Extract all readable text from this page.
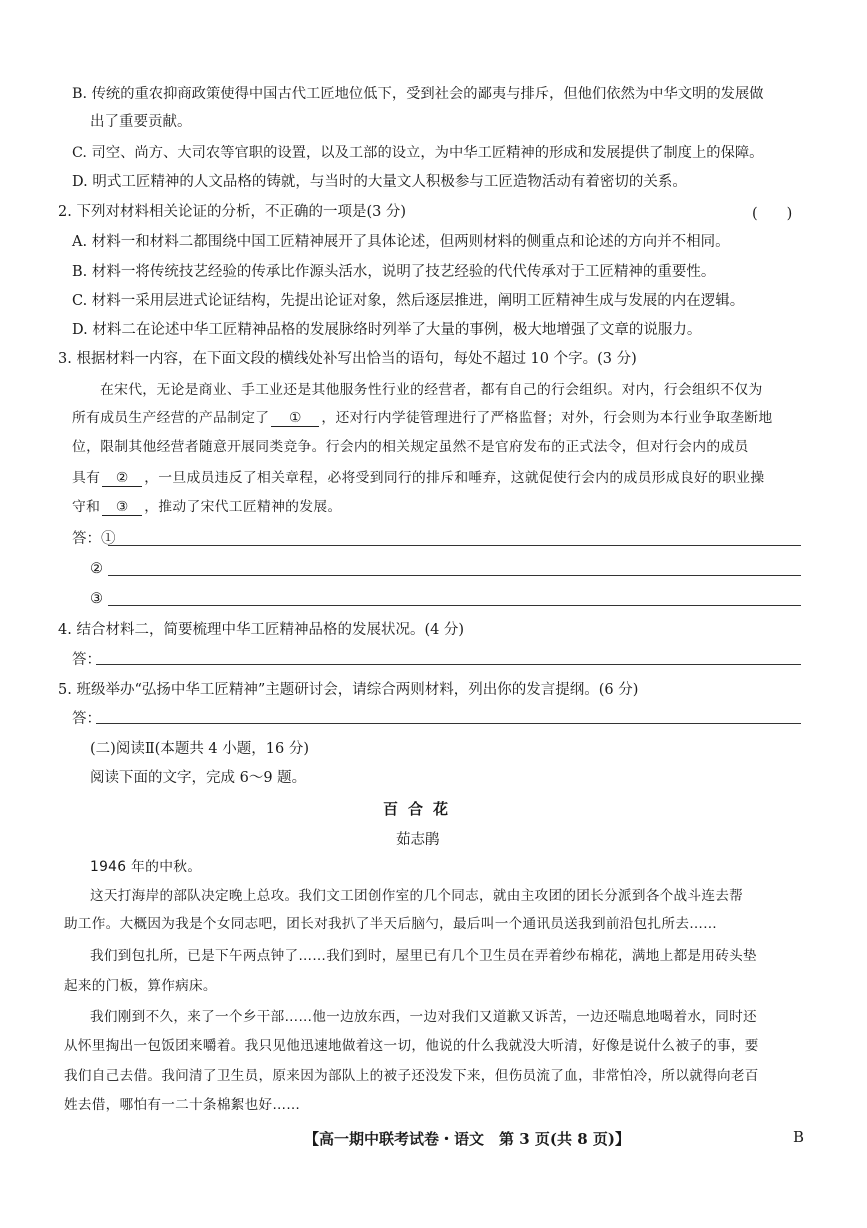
B. 传统的重农抑商政策使得中国古代工匠地位低下，受到社会的鄙夷与排斥，但他们依然为中华文明的发展做
出了重要贡献。
C. 司空、尚方、大司农等官职的设置，以及工部的设立，为中华工匠精神的形成和发展提供了制度上的保障。
D. 明式工匠精神的人文品格的铸就，与当时的大量文人积极参与工匠造物活动有着密切的关系。
2. 下列对材料相关论证的分析，不正确的一项是(3 分)	(　　)
A. 材料一和材料二都围绕中国工匠精神展开了具体论述，但两则材料的侧重点和论述的方向并不相同。
B. 材料一将传统技艺经验的传承比作源头活水，说明了技艺经验的代代传承对于工匠精神的重要性。
C. 材料一采用层进式论证结构，先提出论证对象，然后逐层推进，阐明工匠精神生成与发展的内在逻辑。
D. 材料二在论述中华工匠精神品格的发展脉络时列举了大量的事例，极大地增强了文章的说服力。
3. 根据材料一内容，在下面文段的横线处补写出恰当的语句，每处不超过 10 个字。(3 分)
在宋代，无论是商业、手工业还是其他服务性行业的经营者，都有自己的行会组织。对内，行会组织不仅为
所有成员生产经营的产品制定了 ① ，还对行内学徒管理进行了严格监督；对外，行会则为本行业争取垄断地
位，限制其他经营者随意开展同类竞争。行会内的相关规定虽然不是官府发布的正式法令，但对行会内的成员
具有 ② ，一旦成员违反了相关章程，必将受到同行的排斥和唾弃，这就促使行会内的成员形成良好的职业操
守和 ③ ，推动了宋代工匠精神的发展。
答：①
②
③
4. 结合材料二，简要梳理中华工匠精神品格的发展状况。(4 分)
答：
5. 班级举办“弘扬中华工匠精神”主题研讨会，请综合两则材料，列出你的发言提纲。(6 分)
答：
(二)阅读Ⅱ(本题共 4 小题，16 分)
阅读下面的文字，完成 6～9 题。
百合花
茹志鹃
1946 年的中秋。
这天打海岸的部队决定晚上总攻。我们文工团创作室的几个同志，就由主攻团的团长分派到各个战斗连去帮
助工作。大概因为我是个女同志吧，团长对我扒了半天后脑勺，最后叫一个通讯员送我到前沿包扎所去……
我们到包扎所，已是下午两点钟了……我们到时，屋里已有几个卫生员在弄着纱布棉花，满地上都是用砖头垫
起来的门板，算作病床。
我们刚到不久，来了一个乡干部……他一边放东西，一边对我们又道歉又诉苦，一边还喘息地喝着水，同时还
从怀里掏出一包饭团来嚼着。我只见他迅速地做着这一切，他说的什么我就没大听清，好像是说什么被子的事，要
我们自己去借。我问清了卫生员，原来因为部队上的被子还没发下来，但伤员流了血，非常怕冷，所以就得向老百
姓去借，哪怕有一二十条棉絮也好……
【高一期中联考试卷・语文　第 3 页(共 8 页)】	B
